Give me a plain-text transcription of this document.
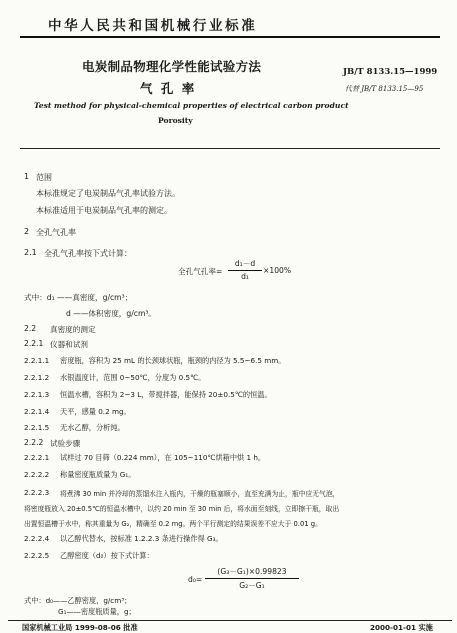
中华人民共和国机械行业标准
电炭制品物理化学性能试验方法
气 孔 率
JB/T 8133.15—1999
代替 JB/T 8133.15—95
Test method for physical-chemical properties of electrical carbon product
Porosity
1 范围
本标准规定了电炭制品气孔率试验方法。
本标准适用于电炭制品气孔率的测定。
2 全孔气孔率
2.1 全孔气孔率按下式计算：
全孔气孔率=
d₁－d
d₁
×100%
式中：d₁ ——真密度，g/cm³；
d ——体积密度，g/cm³。
2.2 真密度的测定
2.2.1 仪器和试剂
2.2.1.1 密度瓶，容积为 25 mL 的长颈球状瓶，瓶颈的内径为 5.5~6.5 mm。
2.2.1.2 水银温度计，范围 0~50℃，分度为 0.5℃。
2.2.1.3 恒温水槽，容积为 2~3 L，带搅拌器，能保持 20±0.5℃的恒温。
2.2.1.4 天平，感量 0.2 mg。
2.2.1.5 无水乙醇，分析纯。
2.2.2 试验步骤
2.2.2.1 试样过 70 目筛（0.224 mm），在 105~110℃烘箱中烘 1 h。
2.2.2.2 称量密度瓶质量为 G₁。
2.2.2.3 将煮沸 30 min 并冷却的蒸馏水注入瓶内，干燥的瓶塞顺小，直至充满为止，瓶中应无气泡，
将密度瓶放入 20±0.5℃的恒温水槽中，以约 20 min 至 30 min 后，将水面至刻线，立即擦干瓶，取出
出置恒温槽于水中，称其重量为 G₂，精确至 0.2 mg。两个平行测定的结果误差不应大于 0.01 g。
2.2.2.4 以乙醇代替水，按标准 1.2.2.3 条进行操作得 G₃。
2.2.2.5 乙醇密度（d₀）按下式计算：
d₀=
(G₃－G₁)×0.99823
G₂－G₁
式中：d₀——乙醇密度，g/cm³；
G₁——密度瓶质量，g；
国家机械工业局 1999-08-06 批准	2000-01-01 实施
